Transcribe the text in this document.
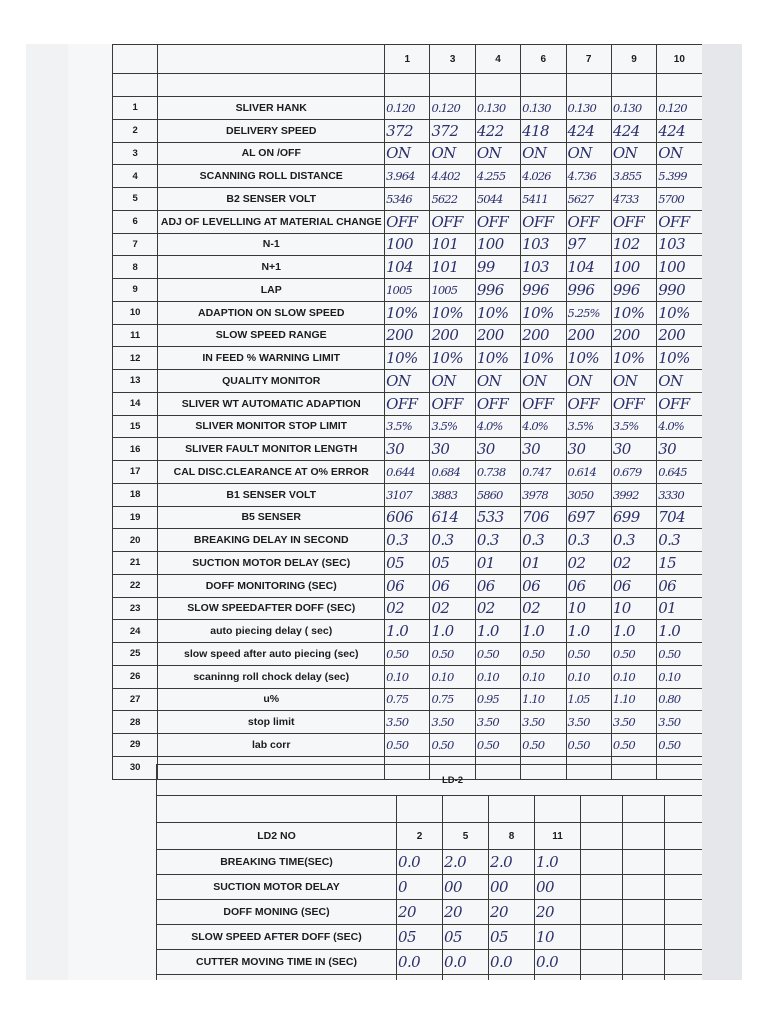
		1	3	4	6	7	9	10	

1	SLIVER HANK	0.120	0.120	0.130	0.130	0.130	0.130	0.120	
2	DELIVERY SPEED	372	372	422	418	424	424	424	
3	AL ON /OFF	ON	ON	ON	ON	ON	ON	ON	
4	SCANNING ROLL DISTANCE	3.964	4.402	4.255	4.026	4.736	3.855	5.399	
5	B2 SENSER VOLT	5346	5622	5044	5411	5627	4733	5700	
6	ADJ OF LEVELLING AT MATERIAL CHANGE	OFF	OFF	OFF	OFF	OFF	OFF	OFF	
7	N-1	100	101	100	103	97	102	103	
8	N+1	104	101	99	103	104	100	100	
9	LAP	1005	1005	996	996	996	996	990	
10	ADAPTION ON SLOW SPEED	10%	10%	10%	10%	5.25%	10%	10%	
11	SLOW SPEED RANGE	200	200	200	200	200	200	200	
12	IN FEED % WARNING LIMIT	10%	10%	10%	10%	10%	10%	10%	
13	QUALITY MONITOR	ON	ON	ON	ON	ON	ON	ON	
14	SLIVER WT AUTOMATIC ADAPTION	OFF	OFF	OFF	OFF	OFF	OFF	OFF	
15	SLIVER MONITOR STOP LIMIT	3.5%	3.5%	4.0%	4.0%	3.5%	3.5%	4.0%	
16	SLIVER FAULT MONITOR LENGTH	30	30	30	30	30	30	30	
17	CAL DISC.CLEARANCE AT O% ERROR	0.644	0.684	0.738	0.747	0.614	0.679	0.645	
18	B1 SENSER VOLT	3107	3883	5860	3978	3050	3992	3330	
19	B5 SENSER	606	614	533	706	697	699	704	
20	BREAKING DELAY IN SECOND	0.3	0.3	0.3	0.3	0.3	0.3	0.3	
21	SUCTION MOTOR DELAY (SEC)	05	05	01	01	02	02	15	
22	DOFF MONITORING (SEC)	06	06	06	06	06	06	06	
23	SLOW SPEEDAFTER DOFF (SEC)	02	02	02	02	10	10	01	
24	auto piecing delay ( sec)	1.0	1.0	1.0	1.0	1.0	1.0	1.0	
25	slow speed after auto piecing (sec)	0.50	0.50	0.50	0.50	0.50	0.50	0.50	
26	scaninng roll chock delay (sec)	0.10	0.10	0.10	0.10	0.10	0.10	0.10	
27	u%	0.75	0.75	0.95	1.10	1.05	1.10	0.80	
28	stop limit	3.50	3.50	3.50	3.50	3.50	3.50	3.50	
29	lab corr	0.50	0.50	0.50	0.50	0.50	0.50	0.50	
30									
LD-2								

LD2 NO	2	5	8	11				
BREAKING TIME(SEC)	0.0	2.0	2.0	1.0				
SUCTION MOTOR DELAY	0	00	00	00				
DOFF MONING (SEC)	20	20	20	20				
SLOW SPEED AFTER DOFF (SEC)	05	05	05	10				
CUTTER MOVING TIME IN (SEC)	0.0	0.0	0.0	0.0				
